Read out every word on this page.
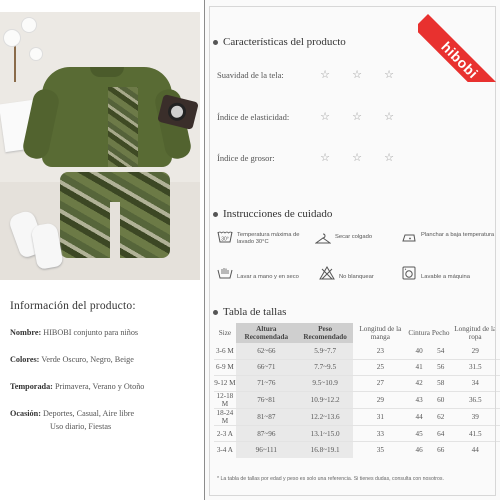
Información del producto:
Nombre: HIBOBI conjunto para niños
Colores: Verde Oscuro, Negro, Beige
Temporada: Primavera, Verano y Otoño
Ocasión: Deportes, Casual, Aire libre
Uso diario, Fiestas
hibobi
Características del producto
Suavidad de la tela:	☆ ☆ ☆
Índice de elasticidad:	☆ ☆ ☆
Índice de grosor:	☆ ☆ ☆
Instrucciones de cuidado
30°
Temperatura máxima de lavado 30°C
Secar colgado	Planchar a baja temperatura
Lavar a mano y en seco	No blanquear	Lavable a máquina
Tabla de tallas
Size	Altura Recomendada	Peso Recomendado	Longitud de la manga	Cintura	Pecho	Longitud de la ropa
3-6 M	62~66	5.9~7.7	23	40	54	29
6-9 M	66~71	7.7~9.5	25	41	56	31.5
9-12 M	71~76	9.5~10.9	27	42	58	34
12-18 M	76~81	10.9~12.2	29	43	60	36.5
18-24 M	81~87	12.2~13.6	31	44	62	39
2-3 A	87~96	13.1~15.0	33	45	64	41.5
3-4 A	96~111	16.8~19.1	35	46	66	44
* La tabla de tallas por edad y peso es solo una referencia. Si tienes dudas, consulta con nosotros.
